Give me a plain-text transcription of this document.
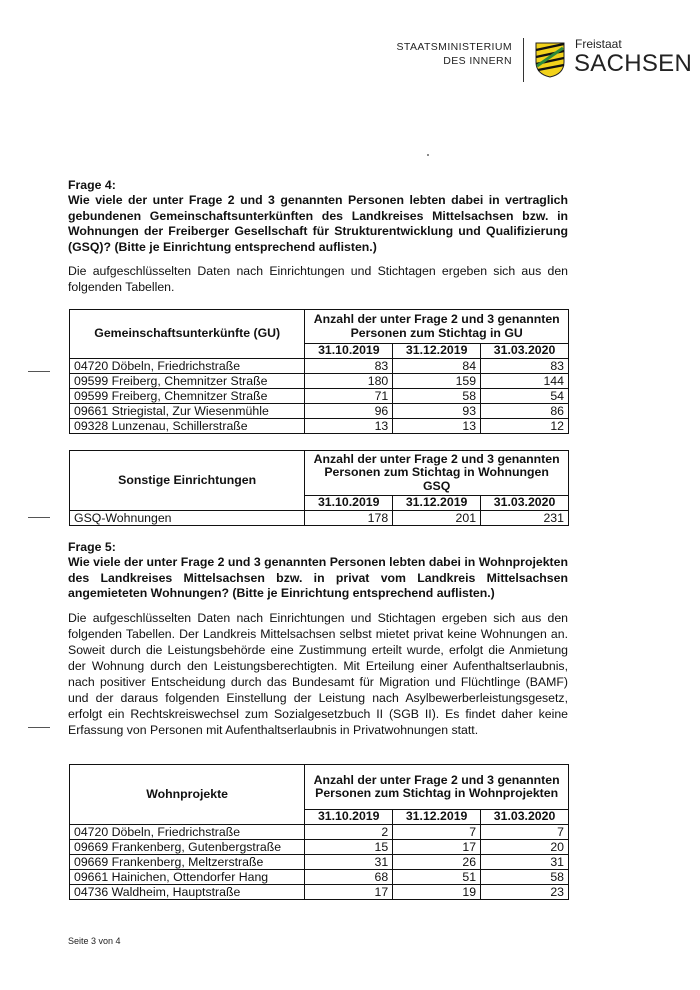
STAATSMINISTERIUM
DES INNERN
Freistaat
SACHSEN
Frage 4:
Wie viele der unter Frage 2 und 3 genannten Personen lebten dabei in vertraglich gebundenen Gemeinschaftsunterkünften des Landkreises Mittelsachsen bzw. in Wohnungen der Freiberger Gesellschaft für Strukturentwicklung und Qualifizierung (GSQ)? (Bitte je Einrichtung entsprechend auflisten.)
Die aufgeschlüsselten Daten nach Einrichtungen und Stichtagen ergeben sich aus den folgenden Tabellen.
Gemeinschaftsunterkünfte (GU)	Anzahl der unter Frage 2 und 3 genannten Personen zum Stichtag in GU		
	31.10.2019	31.12.2019	31.03.2020
04720 Döbeln, Friedrichstraße	83	84	83
09599 Freiberg, Chemnitzer Straße	180	159	144
09599 Freiberg, Chemnitzer Straße	71	58	54
09661 Striegistal, Zur Wiesenmühle	96	93	86
09328 Lunzenau, Schillerstraße	13	13	12
Sonstige Einrichtungen	Anzahl der unter Frage 2 und 3 genannten Personen zum Stichtag in Wohnungen GSQ		
	31.10.2019	31.12.2019	31.03.2020
GSQ-Wohnungen	178	201	231
Frage 5:
Wie viele der unter Frage 2 und 3 genannten Personen lebten dabei in Wohnprojekten des Landkreises Mittelsachsen bzw. in privat vom Landkreis Mittelsachsen angemieteten Wohnungen? (Bitte je Einrichtung entsprechend auflisten.)
Die aufgeschlüsselten Daten nach Einrichtungen und Stichtagen ergeben sich aus den folgenden Tabellen. Der Landkreis Mittelsachsen selbst mietet privat keine Wohnungen an. Soweit durch die Leistungsbehörde eine Zustimmung erteilt wurde, erfolgt die Anmietung der Wohnung durch den Leistungsberechtigten. Mit Erteilung einer Aufenthaltserlaubnis, nach positiver Entscheidung durch das Bundesamt für Migration und Flüchtlinge (BAMF) und der daraus folgenden Einstellung der Leistung nach Asylbewerberleistungsgesetz, erfolgt ein Rechtskreiswechsel zum Sozialgesetzbuch II (SGB II). Es findet daher keine Erfassung von Personen mit Aufenthaltserlaubnis in Privatwohnungen statt.
Wohnprojekte	Anzahl der unter Frage 2 und 3 genannten Personen zum Stichtag in Wohnprojekten		
	31.10.2019	31.12.2019	31.03.2020
04720 Döbeln, Friedrichstraße	2	7	7
09669 Frankenberg, Gutenbergstraße	15	17	20
09669 Frankenberg, Meltzerstraße	31	26	31
09661 Hainichen, Ottendorfer Hang	68	51	58
04736 Waldheim, Hauptstraße	17	19	23
Seite 3 von 4
